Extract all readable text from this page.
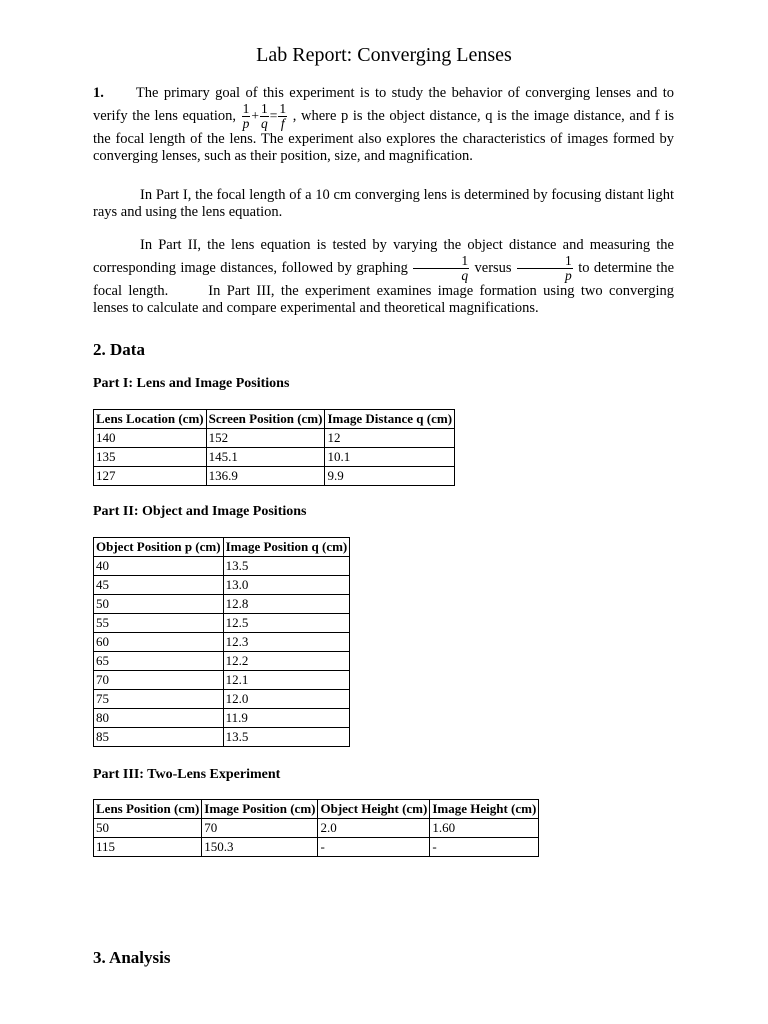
Lab Report: Converging Lenses

1. The primary goal of this experiment is to study the behavior of converging lenses and to verify the lens equation, $\frac{1}{p} + \frac{1}{q} = \frac{1}{f}$ , where p is the object distance, q is the image distance, and f is the focal length of the lens. The experiment also explores the characteristics of images formed by converging lenses, such as their position, size, and magnification.

In Part I, the focal length of a 10 cm converging lens is determined by focusing distant light rays and using the lens equation.

In Part II, the lens equation is tested by varying the object distance and measuring the corresponding image distances, followed by graphing $\frac{1}{q}$ versus $\frac{1}{p}$ to determine the focal length.	In Part III, the experiment examines image formation using two converging lenses to calculate and compare experimental and theoretical magnifications.

2. Data
Part I: Lens and Image Positions
Lens Location (cm)	Screen Position (cm)	Image Distance q (cm)
140	152	12
135	145.1	10.1
127	136.9	9.9
Part II: Object and Image Positions
Object Position p (cm)	Image Position q (cm)
40	13.5
45	13.0
50	12.8
55	12.5
60	12.3
65	12.2
70	12.1
75	12.0
80	11.9
85	13.5
Part III: Two-Lens Experiment
Lens Position (cm)	Image Position (cm)	Object Height (cm)	Image Height (cm)
50	70	2.0	1.60
115	150.3	-	-
3. Analysis
